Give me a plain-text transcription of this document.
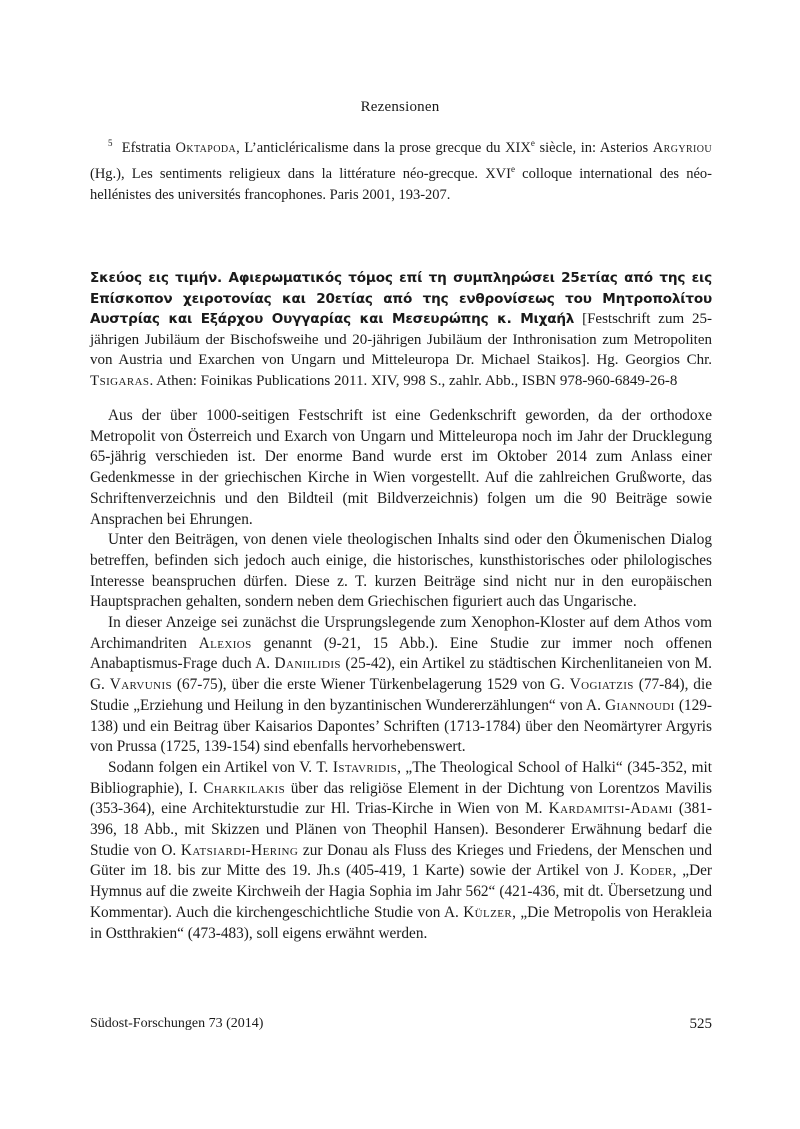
Rezensionen
$^5$ Efstratia Oktapoda, L’anticléricalisme dans la prose grecque du XIXe siècle, in: Asterios Argyriou (Hg.), Les sentiments religieux dans la littérature néo-grecque. XVIe colloque international des néo-hellénistes des universités francophones. Paris 2001, 193-207.
Σκεύος εις τιμήν. Αφιερωματικός τόμος επί τη συμπληρώσει 25ετίας από της εις Επίσκοπον χειροτονίας και 20ετίας από της ενθρονίσεως του Μητροπολίτου Αυστρίας και Εξάρχου Ουγγαρίας και Μεσευρώπης κ. Μιχαήλ [Festschrift zum 25-jährigen Jubiläum der Bischofsweihe und 20-jährigen Jubiläum der Inthronisation zum Metropoliten von Austria und Exarchen von Ungarn und Mitteleuropa Dr. Michael Staikos]. Hg. Georgios Chr. Tsigaras. Athen: Foinikas Publications 2011. XIV, 998 S., zahlr. Abb., ISBN 978-960-6849-26-8

Aus der über 1000-seitigen Festschrift ist eine Gedenkschrift geworden, da der orthodoxe Metropolit von Österreich und Exarch von Ungarn und Mitteleuropa noch im Jahr der Drucklegung 65-jährig verschieden ist. Der enorme Band wurde erst im Oktober 2014 zum Anlass einer Gedenkmesse in der griechischen Kirche in Wien vorgestellt. Auf die zahlreichen Grußworte, das Schriftenverzeichnis und den Bildteil (mit Bildverzeichnis) folgen um die 90 Beiträge sowie Ansprachen bei Ehrungen.

Unter den Beiträgen, von denen viele theologischen Inhalts sind oder den Ökumenischen Dialog betreffen, befinden sich jedoch auch einige, die historisches, kunsthistorisches oder philologisches Interesse beanspruchen dürfen. Diese z. T. kurzen Beiträge sind nicht nur in den europäischen Hauptsprachen gehalten, sondern neben dem Griechischen figuriert auch das Ungarische.

In dieser Anzeige sei zunächst die Ursprungslegende zum Xenophon-Kloster auf dem Athos vom Archimandriten Alexios genannt (9-21, 15 Abb.). Eine Studie zur immer noch offenen Anabaptismus-Frage duch A. Daniilidis (25-42), ein Artikel zu städtischen Kirchenlitaneien von M. G. Varvunis (67-75), über die erste Wiener Türkenbelagerung 1529 von G. Vogiatzis (77-84), die Studie „Erziehung und Heilung in den byzantinischen Wundererzählungen“ von A. Giannoudi (129-138) und ein Beitrag über Kaisarios Dapontes’ Schriften (1713-1784) über den Neomärtyrer Argyris von Prussa (1725, 139-154) sind ebenfalls hervorhebenswert.

Sodann folgen ein Artikel von V. T. Istavridis, „The Theological School of Halki“ (345-352, mit Bibliographie), I. Charkilakis über das religiöse Element in der Dichtung von Lorentzos Mavilis (353-364), eine Architekturstudie zur Hl. Trias-Kirche in Wien von M. Kardamitsi-Adami (381-396, 18 Abb., mit Skizzen und Plänen von Theophil Hansen). Besonderer Erwähnung bedarf die Studie von O. Katsiardi-Hering zur Donau als Fluss des Krieges und Friedens, der Menschen und Güter im 18. bis zur Mitte des 19. Jh.s (405-419, 1 Karte) sowie der Artikel von J. Koder, „Der Hymnus auf die zweite Kirchweih der Hagia Sophia im Jahr 562“ (421-436, mit dt. Übersetzung und Kommentar). Auch die kirchengeschichtliche Studie von A. Külzer, „Die Metropolis von Herakleia in Ostthrakien“ (473-483), soll eigens erwähnt werden.

Südost-Forschungen 73 (2014)	525
